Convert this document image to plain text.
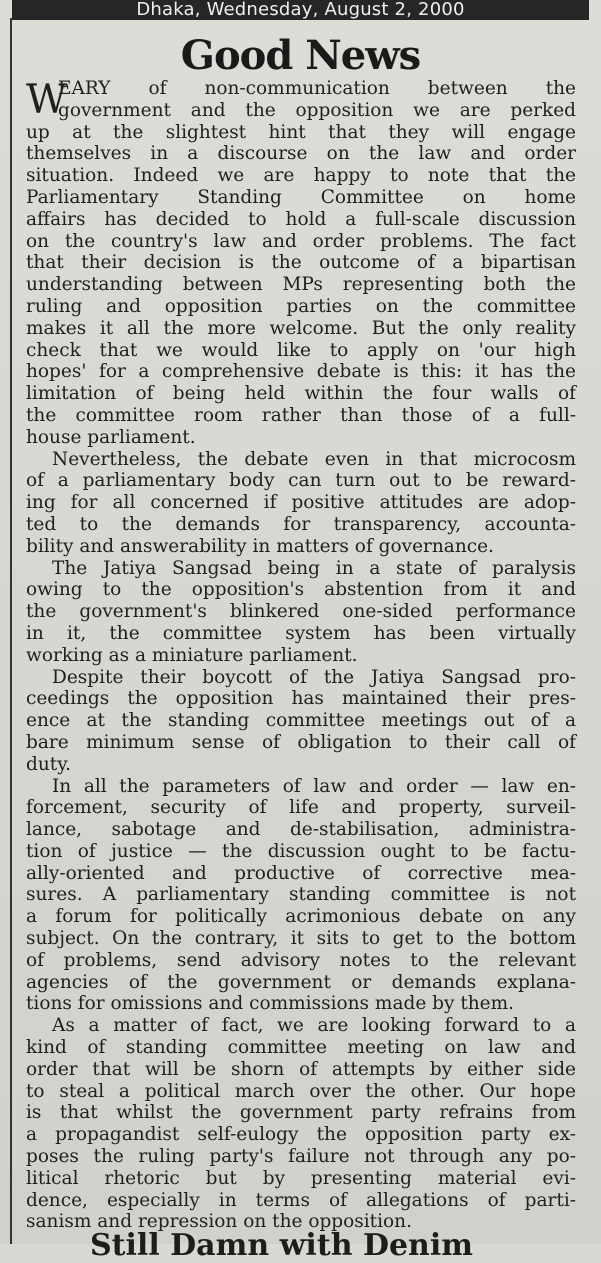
Dhaka, Wednesday, August 2, 2000
Good News
W
EARY of non-communication between the
government and the opposition we are perked
up at the slightest hint that they will engage
themselves in a discourse on the law and order
situation. Indeed we are happy to note that the
Parliamentary Standing Committee on home
affairs has decided to hold a full-scale discussion
on the country's law and order problems. The fact
that their decision is the outcome of a bipartisan
understanding between MPs representing both the
ruling and opposition parties on the committee
makes it all the more welcome. But the only reality
check that we would like to apply on 'our high
hopes' for a comprehensive debate is this: it has the
limitation of being held within the four walls of
the committee room rather than those of a full-
house parliament.
Nevertheless, the debate even in that microcosm
of a parliamentary body can turn out to be reward-
ing for all concerned if positive attitudes are adop-
ted to the demands for transparency, accounta-
bility and answerability in matters of governance.
The Jatiya Sangsad being in a state of paralysis
owing to the opposition's abstention from it and
the government's blinkered one-sided performance
in it, the committee system has been virtually
working as a miniature parliament.
Despite their boycott of the Jatiya Sangsad pro-
ceedings the opposition has maintained their pres-
ence at the standing committee meetings out of a
bare minimum sense of obligation to their call of
duty.
In all the parameters of law and order — law en-
forcement, security of life and property, surveil-
lance, sabotage and de-stabilisation, administra-
tion of justice — the discussion ought to be factu-
ally-oriented and productive of corrective mea-
sures. A parliamentary standing committee is not
a forum for politically acrimonious debate on any
subject. On the contrary, it sits to get to the bottom
of problems, send advisory notes to the relevant
agencies of the government or demands explana-
tions for omissions and commissions made by them.
As a matter of fact, we are looking forward to a
kind of standing committee meeting on law and
order that will be shorn of attempts by either side
to steal a political march over the other. Our hope
is that whilst the government party refrains from
a propagandist self-eulogy the opposition party ex-
poses the ruling party's failure not through any po-
litical rhetoric but by presenting material evi-
dence, especially in terms of allegations of parti-
sanism and repression on the opposition.
Still Damn with Denim
